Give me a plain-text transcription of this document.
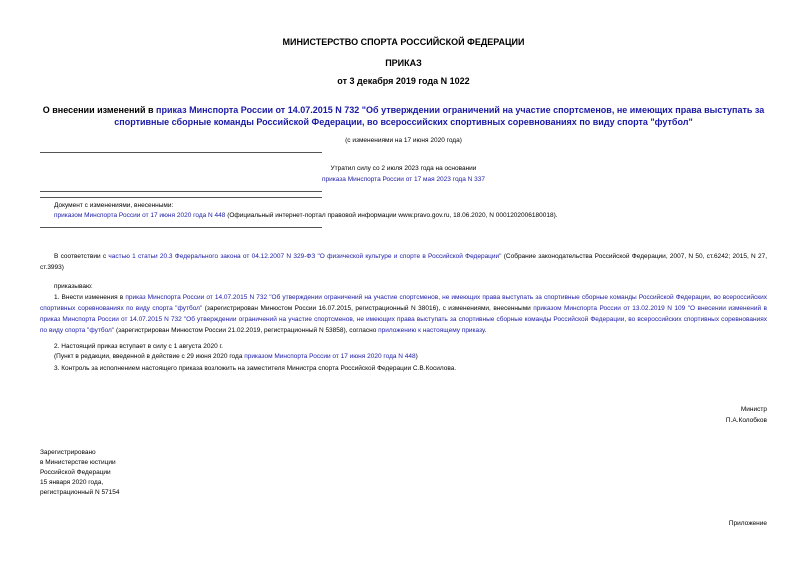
МИНИСТЕРСТВО СПОРТА РОССИЙСКОЙ ФЕДЕРАЦИИ
ПРИКАЗ
от 3 декабря 2019 года N 1022
О внесении изменений в приказ Минспорта России от 14.07.2015 N 732 "Об утверждении ограничений на участие спортсменов, не имеющих права выступать за спортивные сборные команды Российской Федерации, во всероссийских спортивных соревнованиях по виду спорта "футбол"
(с изменениями на 17 июня 2020 года)
Утратил силу со 2 июля 2023 года на основании
приказа Минспорта России от 17 мая 2023 года N 337
Документ с изменениями, внесенными:
приказом Минспорта России от 17 июня 2020 года N 448 (Официальный интернет-портал правовой информации www.pravo.gov.ru, 18.06.2020, N 0001202006180018).
В соответствии с частью 1 статьи 20.3 Федерального закона от 04.12.2007 N 329-ФЗ "О физической культуре и спорте в Российской Федерации" (Собрание законодательства Российской Федерации, 2007, N 50, ст.6242; 2015, N 27, ст.3993)
приказываю:
1. Внести изменения в приказ Минспорта России от 14.07.2015 N 732 "Об утверждении ограничений на участие спортсменов, не имеющих права выступать за спортивные сборные команды Российской Федерации, во всероссийских спортивных соревнованиях по виду спорта "футбол" (зарегистрирован Минюстом России 16.07.2015, регистрационный N 38016), с изменениями, внесенными приказом Минспорта России от 13.02.2019 N 109 "О внесении изменений в приказ Минспорта России от 14.07.2015 N 732 "Об утверждении ограничений на участие спортсменов, не имеющих права выступать за спортивные сборные команды Российской Федерации, во всероссийских спортивных соревнованиях по виду спорта "футбол" (зарегистрирован Минюстом России 21.02.2019, регистрационный N 53858), согласно приложению к настоящему приказу.
2. Настоящий приказ вступает в силу с 1 августа 2020 г.
(Пункт в редакции, введенной в действие с 29 июня 2020 года приказом Минспорта России от 17 июня 2020 года N 448)
3. Контроль за исполнением настоящего приказа возложить на заместителя Министра спорта Российской Федерации С.В.Косилова.
Министр
П.А.Колобков
Зарегистрировано
в Министерстве юстиции
Российской Федерации
15 января 2020 года,
регистрационный N 57154
Приложение
